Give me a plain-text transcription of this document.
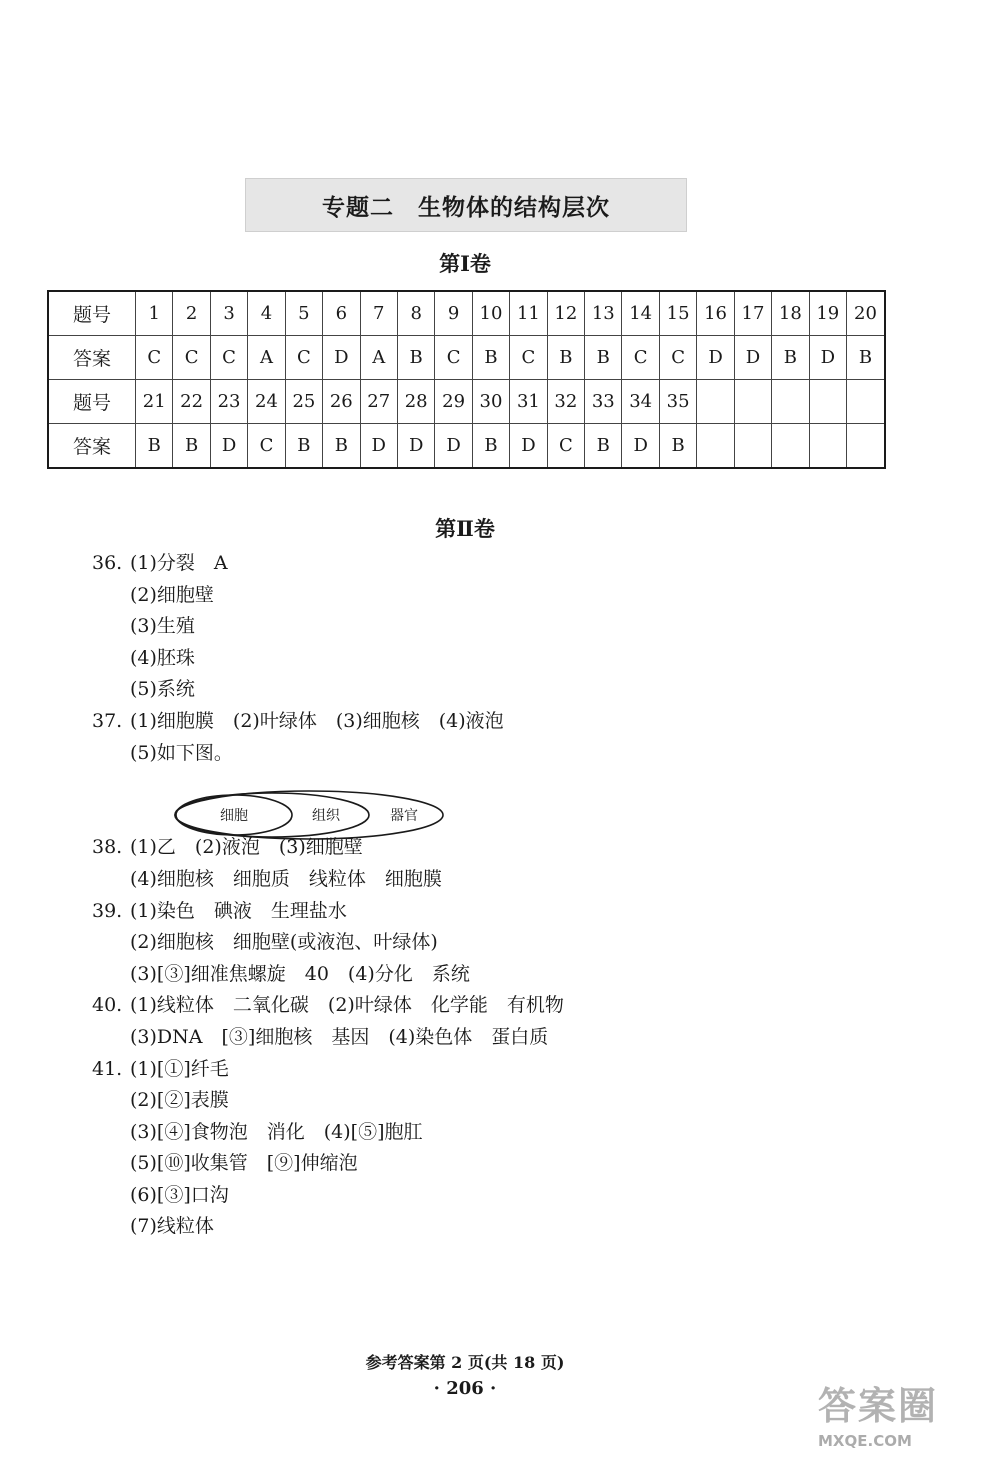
专题二　生物体的结构层次
第Ⅰ卷
题号	1	2	3	4	5	6	7	8	9	10	11	12	13	14	15	16	17	18	19	20
答案	C	C	C	A	C	D	A	B	C	B	C	B	B	C	C	D	D	B	D	B
题号	21	22	23	24	25	26	27	28	29	30	31	32	33	34	35					
答案	B	B	D	C	B	B	D	D	D	B	D	C	B	D	B					
第Ⅱ卷
36. (1)分裂　A
(2)细胞壁
(3)生殖
(4)胚珠
(5)系统
37. (1)细胞膜　(2)叶绿体　(3)细胞核　(4)液泡
(5)如下图。
38. (1)乙　(2)液泡　(3)细胞壁
(4)细胞核　细胞质　线粒体　细胞膜
39. (1)染色　碘液　生理盐水
(2)细胞核　细胞壁(或液泡、叶绿体)
(3)[③]细准焦螺旋　40　(4)分化　系统
40. (1)线粒体　二氧化碳　(2)叶绿体　化学能　有机物
(3)DNA　[③]细胞核　基因　(4)染色体　蛋白质
41. (1)[①]纤毛
(2)[②]表膜
(3)[④]食物泡　消化　(4)[⑤]胞肛
(5)[⑩]收集管　[⑨]伸缩泡
(6)[③]口沟
(7)线粒体
细胞	组织	器官
参考答案第 2 页(共 18 页)
· 206 ·	答案圈
MXQE.COM
